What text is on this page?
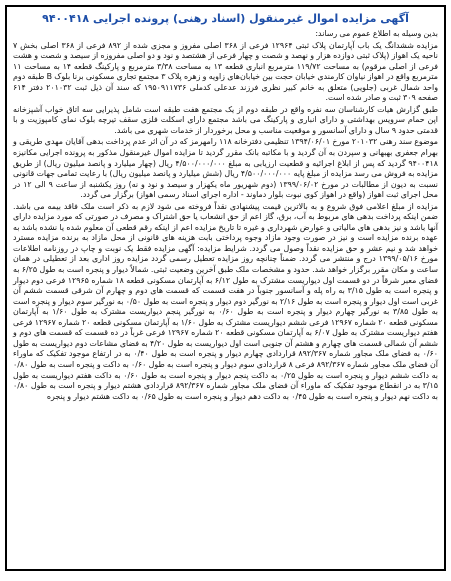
آگهی مزایده اموال غیرمنقول (اسناد رهنی) پرونده اجرایی ۹۴۰۰۴۱۸

بدین وسیله به اطلاع عموم می رساند:

مزایده ششدانگ یک باب آپارتمان پلاک ثبتی ۱۲۹۶۴ فرعی از ۳۶۸ اصلی مفروز و مجزی شده از ۸۹۲ فرعی از ۳۶۸ اصلی بخش ۷ ناحیه یک اهواز (پلاک ثبتی دوازده هزار و نهصد و شصت و چهار فرعی از هشتصد و نود و دو اصلی مفروزه از سیصد و شصت و هشت فرعی از اصلی مرقوم) به مساحت ۱۱۹/۷۲ مترمربع انباری قطعه ۱۳ به مساحت ۳/۳۸ مترمربع و پارکینگ قطعه ۱۴ به مساحت ۱۱ مترمربع واقع در اهواز نیاوان کارمندی خیابان حجت بین خیابان‌های زاویه و زهره پلاک ۳ مجتمع تجاری مسکونی برنا بلوک B طبقه دوم واحد شمال غربی (جلویی) متعلق به خانم کبیر نظری فرزند عدعلی کدملی ۱۹۵۰۹۱۱۷۳۶ که سند آن ذیل ثبت ۲۰۱۰۳۲ دفتر ۶۱۴ صفحه ۳۰۹ ثبت و صادر شده است.

طبق گزارش هیات کارشناسان سه نفره واقع در طبقه دوم از یک مجتمع هفت طبقه است شامل پذیرایی سه اتاق خواب آشپزخانه اپن حمام سرویس بهداشتی و دارای انباری و پارکینگ می باشد مجتمع دارای اسکلت فلزی سقف تیرچه بلوک نمای کامپوزیت و با قدمتی حدود ۹ سال و دارای آسانسور و موقعیت مناسب و محل برخوردار از خدمات شهری می باشد.

موضوع سند رهنی ۲۰۱۰۳۲ مورخ ۱۳۹۴/۰۶/۰۱ تنظیمی دفترخانه ۱۱۸ رامهرمز که در آن اثر عدم پرداخت بدهی آقایان مهدی طریقی و بهرام جعفری بهبهانی و سپردن به آن گردید و با مکاتبه بانک مقرر گردید تا مزایده اموال غیرمنقول مذکور به پرونده اجرایی مکانیزه ۹۴۰۰۴۱۸ گردید که پس از ابلاغ اجرائیه و قطعیت ارزیابی به مبلغ ۴/۵۰۰/۰۰۰/۰۰۰ ریال (چهار میلیارد و پانصد میلیون ریال) از طریق مزایده به فروش می رسد مزایده از مبلغ پایه ۴/۵۰۰/۰۰۰/۰۰۰ ریال (شش میلیارد و پانصد میلیون ریال) با رعایت تمامی جهات قانونی نسبت به دیون از مطالبات در مورخ ۱۳۹۹/۰۶/۰۲ (دوم شهریور ماه یکهزار و سیصد و نود و نه) روز یکشنبه از ساعت ۹ الی ۱۲ در محل اجرای ثبت اهواز (واقع در اهواز کوی نبوت بلوار دماوند - اداره اجرای اسناد رسمی اهواز) برگزار می گردد.

مزایده از مبلغ اعلامی فوق شروع و به بالاترین قیمت پیشنهادی نقداً فروخته می شود لازم به ذکر است ملک فاقد بیمه می باشد. ضمن اینکه پرداخت بدهی های مربوط به آب، برق، گاز اعم از حق انشعاب یا حق اشتراک و مصرف در صورتی که مورد مزایده دارای آنها باشد و نیز بدهی های مالیاتی و عوارض شهرداری و غیره تا تاریخ مزایده اعم از اینکه رقم قطعی آن معلوم شده یا نشده باشد به عهده برنده مزایده است و نیز در صورت وجود مازاد وجوه پرداختی بابت هزینه های قانونی از محل مازاد به برنده مزایده مسترد خواهد شد و نیم عشر و حق مزایده نقداً وصول می گردد. شرایط مزایده: آگهی مزایده فقط یک نوبت و چاپ در روزنامه اطلاعات مورخ ۱۳۹۹/۰۵/۱۶ درج و منتشر می گردد. ضمناً چنانچه روز مزایده تعطیل رسمی گردد مزایده روز اداری بعد از تعطیلی در همان ساعت و مکان مقرر برگزار خواهد شد. حدود و مشخصات ملک طبق آخرین وضعیت ثبتی. شمالاً دیوار و پنجره است به طول ۶/۲۵ به فضای معبر شرقاً در دو قسمت اول دیواریست مشترک به طول ۶/۱۲ به آپارتمان مسکونی قطعه ۱۸ شماره ۱۲۹۶۵ فرعی دوم دیوار و پنجره است به طول ۳/۱۵ به راه پله و آسانسور جنوباً در هفت قسمت که قسمت های دوم و چهارم آن شرقی قسمت ششم آن غربی است اول دیوار و پنجره است به طول ۲/۱۶ به نورگیر دوم دیوار و پنجره است به طول ۰/۵۰ به نورگیر سوم دیوار و پنجره است به طول ۳/۸۵ به نورگیر چهارم دیوار و پنجره است به طول ۰/۶۰ به نورگیر پنجم دیواریست مشترک به طول ۱/۶۰ به آپارتمان مسکونی قطعه ۲۰ شماره ۱۲۹۶۷ فرعی ششم دیواریست مشترک به طول ۱/۶۰ به آپارتمان مسکونی قطعه ۲۰ شماره ۱۲۹۶۷ فرعی هفتم دیواریست مشترک به طول ۶/۰۷ به آپارتمان مسکونی قطعه ۲۰ شماره ۱۲۹۶۷ فرعی غرباً در ده قسمت که قسمت های دوم و ششم آن شمالی قسمت های چهارم و هشتم آن جنوبی است اول دیواریست به طول ۴/۲۰ به فضای مشاعات دوم دیواریست به طول ۰/۶۰ به فضای ملک مجاور شماره ۸۹۲/۳۶۷ قراردادی چهارم دیوار و پنجره است به طول ۰/۴۰ به در ارتفاع موجود تفکیک که ماوراء آن فضای ملک مجاور شماره ۸۹۲/۳۶۷ فرعی ۸ قراردادی سوم دیوار و پنجره است به طول ۰/۶۰ به داکت و پنجره است به طول ۰/۸۰ به داکت ششم دیوار و پنجره است به طول ۰/۲۵ به داکت پنجم دیوار و پنجره است به طول ۰/۶۰ به داکت هفتم دیواریست به طول ۳/۱۵ به در انقطاع موجود تفکیک که ماوراء آن فضای ملک مجاور شماره ۸۹۲/۳۶۷ قراردادی هشتم دیوار و پنجره است به طول ۰/۸۰ به داکت نهم دیوار و پنجره است به طول ۰/۴۵ به داکت دهم دیوار و پنجره است به طول ۰/۶۵ به داکت هشتم دیوار و پنجره
